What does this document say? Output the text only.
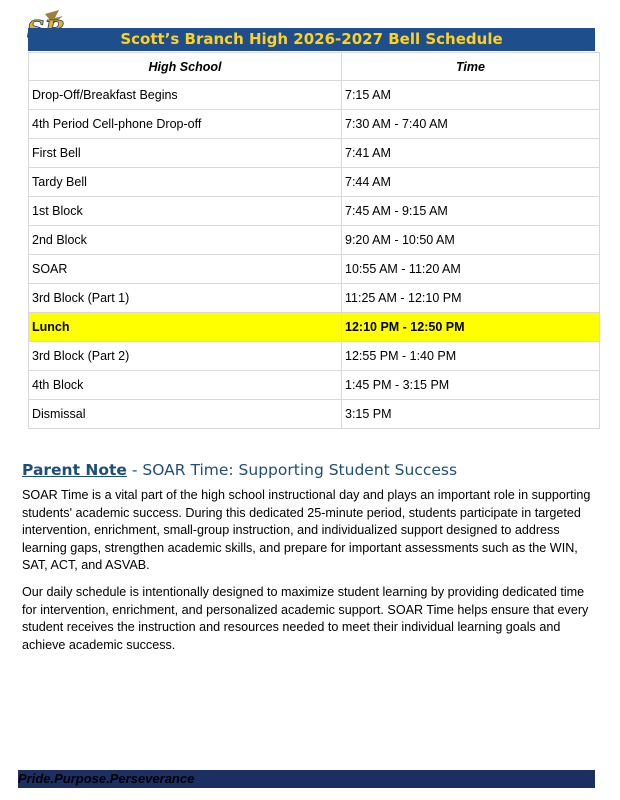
Scott’s Branch High 2026-2027 Bell Schedule
High School	Time
Drop-Off/Breakfast Begins	7:15 AM
4th Period Cell-phone Drop-off	7:30 AM - 7:40 AM
First Bell	7:41 AM
Tardy Bell	7:44 AM
1st Block	7:45 AM - 9:15 AM
2nd Block	9:20 AM - 10:50 AM
SOAR	10:55 AM - 11:20 AM
3rd Block (Part 1)	11:25 AM - 12:10 PM
Lunch	12:10 PM - 12:50 PM
3rd Block (Part 2)	12:55 PM - 1:40 PM
4th Block	1:45 PM - 3:15 PM
Dismissal	3:15 PM
Parent Note - SOAR Time: Supporting Student Success
SOAR Time is a vital part of the high school instructional day and plays an important role in supporting students' academic success. During this dedicated 25-minute period, students participate in targeted intervention, enrichment, small-group instruction, and individualized support designed to address learning gaps, strengthen academic skills, and prepare for important assessments such as the WIN, SAT, ACT, and ASVAB.
Our daily schedule is intentionally designed to maximize student learning by providing dedicated time for intervention, enrichment, and personalized academic support. SOAR Time helps ensure that every student receives the instruction and resources needed to meet their individual learning goals and achieve academic success.
Pride.Purpose.Perseverance
